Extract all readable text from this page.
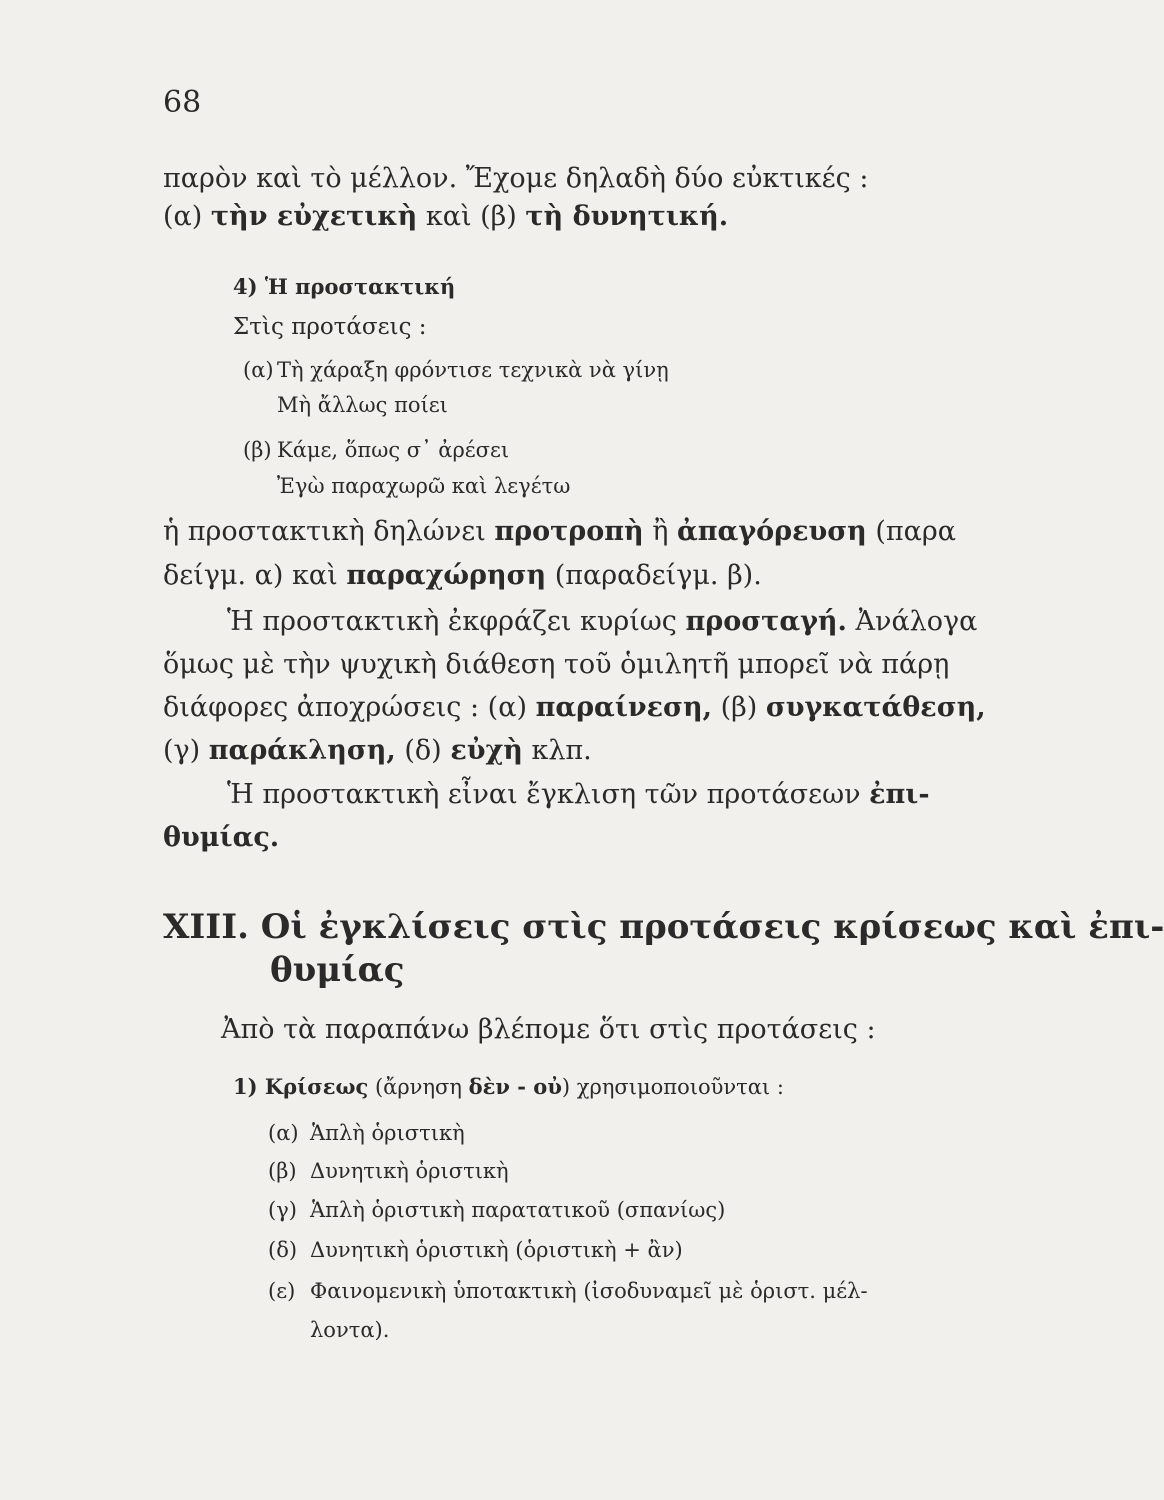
68
παρὸν καὶ τὸ μέλλον. Ἔχομε δηλαδὴ δύο εὐκτικές :
(α) τὴν εὐχετικὴ καὶ (β) τὴ δυνητική.
4) Ἡ προστακτική
Στὶς προτάσεις :
(α) Τὴ χάραξη φρόντισε τεχνικὰ νὰ γίνῃ
Μὴ ἄλλως ποίει
(β) Κάμε, ὅπως σ᾽ ἀρέσει
Ἐγὼ παραχωρῶ καὶ λεγέτω
ἡ προστακτικὴ δηλώνει προτροπὴ ἢ ἀπαγόρευση (παρα
δείγμ. α) καὶ παραχώρηση (παραδείγμ. β).
Ἡ προστακτικὴ ἐκφράζει κυρίως προσταγή. Ἀνάλογα
ὅμως μὲ τὴν ψυχικὴ διάθεση τοῦ ὁμιλητῆ μπορεῖ νὰ πάρῃ
διάφορες ἀποχρώσεις : (α) παραίνεση, (β) συγκατάθεση,
(γ) παράκληση, (δ) εὐχὴ κλπ.
Ἡ προστακτικὴ εἶναι ἔγκλιση τῶν προτάσεων ἐπι-
θυμίας.
XIII. Οἱ ἐγκλίσεις στὶς προτάσεις κρίσεως καὶ ἐπι-
θυμίας
Ἀπὸ τὰ παραπάνω βλέπομε ὅτι στὶς προτάσεις :
1) Κρίσεως (ἄρνηση δὲν - οὐ) χρησιμοποιοῦνται :
(α) Ἁπλὴ ὁριστικὴ
(β) Δυνητικὴ ὁριστικὴ
(γ) Ἁπλὴ ὁριστικὴ παρατατικοῦ (σπανίως)
(δ) Δυνητικὴ ὁριστικὴ (ὁριστικὴ + ἂν)
(ε) Φαινομενικὴ ὑποτακτικὴ (ἰσοδυναμεῖ μὲ ὁριστ. μέλ-
λοντα).
